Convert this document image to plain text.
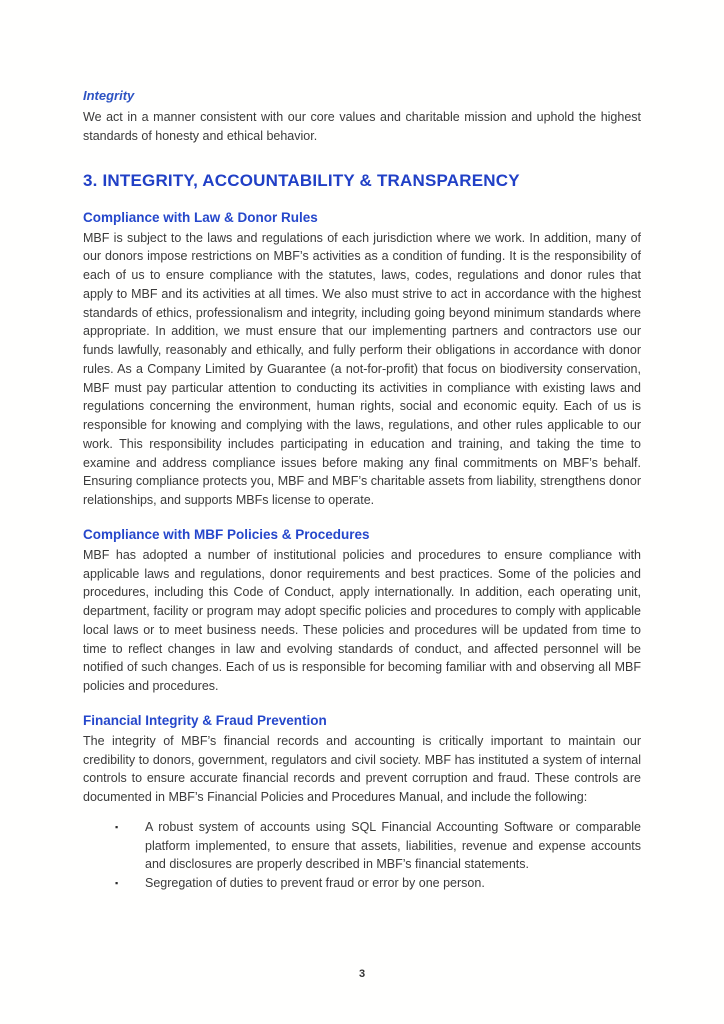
Integrity

We act in a manner consistent with our core values and charitable mission and uphold the highest standards of honesty and ethical behavior.

3. INTEGRITY, ACCOUNTABILITY & TRANSPARENCY
Compliance with Law & Donor Rules

MBF is subject to the laws and regulations of each jurisdiction where we work. In addition, many of our donors impose restrictions on MBF’s activities as a condition of funding. It is the responsibility of each of us to ensure compliance with the statutes, laws, codes, regulations and donor rules that apply to MBF and its activities at all times. We also must strive to act in accordance with the highest standards of ethics, professionalism and integrity, including going beyond minimum standards where appropriate. In addition, we must ensure that our implementing partners and contractors use our funds lawfully, reasonably and ethically, and fully perform their obligations in accordance with donor rules. As a Company Limited by Guarantee (a not-for-profit) that focus on biodiversity conservation, MBF must pay particular attention to conducting its activities in compliance with existing laws and regulations concerning the environment, human rights, social and economic equity. Each of us is responsible for knowing and complying with the laws, regulations, and other rules applicable to our work. This responsibility includes participating in education and training, and taking the time to examine and address compliance issues before making any final commitments on MBF’s behalf. Ensuring compliance protects you, MBF and MBF’s charitable assets from liability, strengthens donor relationships, and supports MBFs license to operate.

Compliance with MBF Policies & Procedures

MBF has adopted a number of institutional policies and procedures to ensure compliance with applicable laws and regulations, donor requirements and best practices. Some of the policies and procedures, including this Code of Conduct, apply internationally. In addition, each operating unit, department, facility or program may adopt specific policies and procedures to comply with applicable local laws or to meet business needs. These policies and procedures will be updated from time to time to reflect changes in law and evolving standards of conduct, and affected personnel will be notified of such changes. Each of us is responsible for becoming familiar with and observing all MBF policies and procedures.

Financial Integrity & Fraud Prevention

The integrity of MBF’s financial records and accounting is critically important to maintain our credibility to donors, government, regulators and civil society. MBF has instituted a system of internal controls to ensure accurate financial records and prevent corruption and fraud. These controls are documented in MBF’s Financial Policies and Procedures Manual, and include the following:

▪	A robust system of accounts using SQL Financial Accounting Software or comparable platform implemented, to ensure that assets, liabilities, revenue and expense accounts and disclosures are properly described in MBF’s financial statements.
▪	Segregation of duties to prevent fraud or error by one person.
3
